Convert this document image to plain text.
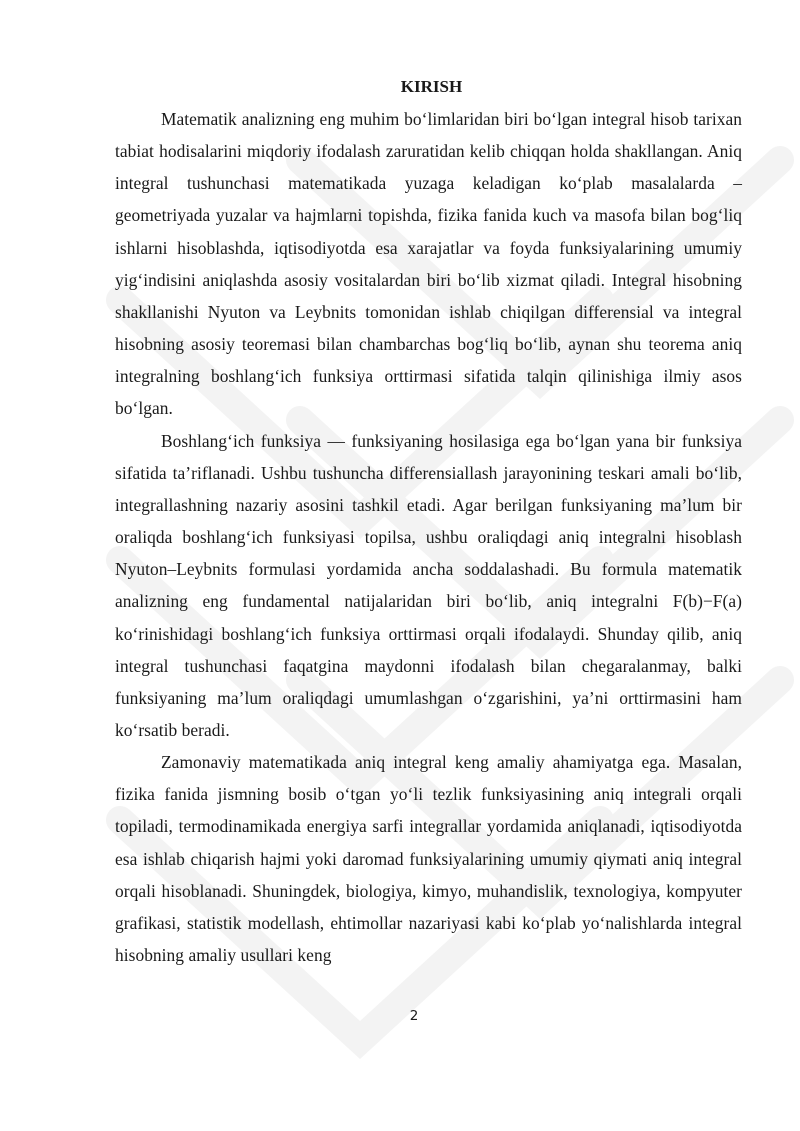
KIRISH

Matematik analizning eng muhim bo‘limlaridan biri bo‘lgan integral hisob tarixan tabiat hodisalarini miqdoriy ifodalash zaruratidan kelib chiqqan holda shakllangan. Aniq integral tushunchasi matematikada yuzaga keladigan ko‘plab masalalarda – geometriyada yuzalar va hajmlarni topishda, fizika fanida kuch va masofa bilan bog‘liq ishlarni hisoblashda, iqtisodiyotda esa xarajatlar va foyda funksiyalarining umumiy yig‘indisini aniqlashda asosiy vositalardan biri bo‘lib xizmat qiladi. Integral hisobning shakllanishi Nyuton va Leybnits tomonidan ishlab chiqilgan differensial va integral hisobning asosiy teoremasi bilan chambarchas bog‘liq bo‘lib, aynan shu teorema aniq integralning boshlang‘ich funksiya orttirmasi sifatida talqin qilinishiga ilmiy asos bo‘lgan.

Boshlang‘ich funksiya — funksiyaning hosilasiga ega bo‘lgan yana bir funksiya sifatida ta’riflanadi. Ushbu tushuncha differensiallash jarayonining teskari amali bo‘lib, integrallashning nazariy asosini tashkil etadi. Agar berilgan funksiyaning ma’lum bir oraliqda boshlang‘ich funksiyasi topilsa, ushbu oraliqdagi aniq integralni hisoblash Nyuton–Leybnits formulasi yordamida ancha soddalashadi. Bu formula matematik analizning eng fundamental natijalaridan biri bo‘lib, aniq integralni F(b)−F(a) ko‘rinishidagi boshlang‘ich funksiya orttirmasi orqali ifodalaydi. Shunday qilib, aniq integral tushunchasi faqatgina maydonni ifodalash bilan chegaralanmay, balki funksiyaning ma’lum oraliqdagi umumlashgan o‘zgarishini, ya’ni orttirmasini ham ko‘rsatib beradi.

Zamonaviy matematikada aniq integral keng amaliy ahamiyatga ega. Masalan, fizika fanida jismning bosib o‘tgan yo‘li tezlik funksiyasining aniq integrali orqali topiladi, termodinamikada energiya sarfi integrallar yordamida aniqlanadi, iqtisodiyotda esa ishlab chiqarish hajmi yoki daromad funksiyalarining umumiy qiymati aniq integral orqali hisoblanadi. Shuningdek, biologiya, kimyo, muhandislik, texnologiya, kompyuter grafikasi, statistik modellash, ehtimollar nazariyasi kabi ko‘plab yo‘nalishlarda integral hisobning amaliy usullari keng

2
